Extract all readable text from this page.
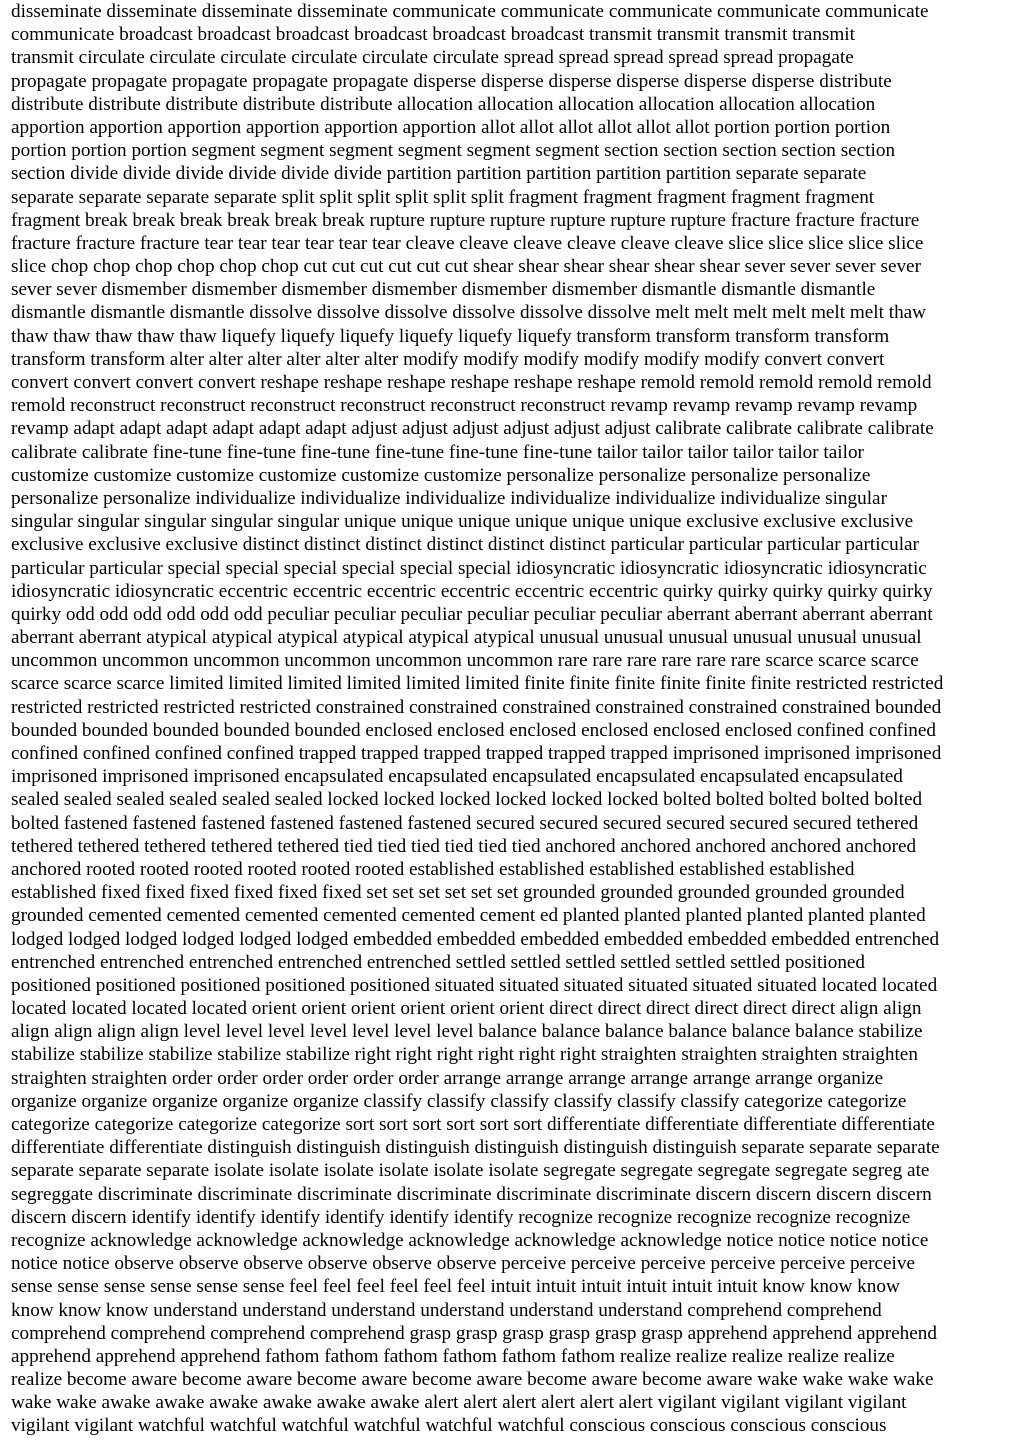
disseminate disseminate disseminate disseminate communicate communicate communicate communicate communicate
communicate broadcast broadcast broadcast broadcast broadcast broadcast transmit transmit transmit transmit
transmit circulate circulate circulate circulate circulate circulate spread spread spread spread spread propagate
propagate propagate propagate propagate propagate disperse disperse disperse disperse disperse disperse distribute
distribute distribute distribute distribute distribute allocation allocation allocation allocation allocation allocation
apportion apportion apportion apportion apportion apportion allot allot allot allot allot allot portion portion portion
portion portion portion segment segment segment segment segment segment section section section section section
section divide divide divide divide divide divide partition partition partition partition partition separate separate
separate separate separate separate split split split split split split fragment fragment fragment fragment fragment
fragment break break break break break break rupture rupture rupture rupture rupture rupture fracture fracture fracture
fracture fracture fracture tear tear tear tear tear tear cleave cleave cleave cleave cleave cleave slice slice slice slice slice
slice chop chop chop chop chop chop cut cut cut cut cut cut shear shear shear shear shear shear sever sever sever sever
sever sever dismember dismember dismember dismember dismember dismember dismantle dismantle dismantle
dismantle dismantle dismantle dissolve dissolve dissolve dissolve dissolve dissolve melt melt melt melt melt melt thaw
thaw thaw thaw thaw thaw liquefy liquefy liquefy liquefy liquefy liquefy transform transform transform transform
transform transform alter alter alter alter alter alter modify modify modify modify modify modify convert convert
convert convert convert convert reshape reshape reshape reshape reshape reshape remold remold remold remold remold
remold reconstruct reconstruct reconstruct reconstruct reconstruct reconstruct revamp revamp revamp revamp revamp
revamp adapt adapt adapt adapt adapt adapt adjust adjust adjust adjust adjust adjust calibrate calibrate calibrate calibrate
calibrate calibrate fine-tune fine-tune fine-tune fine-tune fine-tune fine-tune tailor tailor tailor tailor tailor tailor
customize customize customize customize customize customize personalize personalize personalize personalize
personalize personalize individualize individualize individualize individualize individualize individualize singular
singular singular singular singular singular unique unique unique unique unique unique exclusive exclusive exclusive
exclusive exclusive exclusive distinct distinct distinct distinct distinct distinct particular particular particular particular
particular particular special special special special special special idiosyncratic idiosyncratic idiosyncratic idiosyncratic
idiosyncratic idiosyncratic eccentric eccentric eccentric eccentric eccentric eccentric quirky quirky quirky quirky quirky
quirky odd odd odd odd odd odd peculiar peculiar peculiar peculiar peculiar peculiar aberrant aberrant aberrant aberrant
aberrant aberrant atypical atypical atypical atypical atypical atypical unusual unusual unusual unusual unusual unusual
uncommon uncommon uncommon uncommon uncommon uncommon rare rare rare rare rare rare scarce scarce scarce
scarce scarce scarce limited limited limited limited limited limited finite finite finite finite finite finite restricted restricted
restricted restricted restricted restricted constrained constrained constrained constrained constrained constrained bounded
bounded bounded bounded bounded bounded enclosed enclosed enclosed enclosed enclosed enclosed confined confined
confined confined confined confined trapped trapped trapped trapped trapped trapped imprisoned imprisoned imprisoned
imprisoned imprisoned imprisoned encapsulated encapsulated encapsulated encapsulated encapsulated encapsulated
sealed sealed sealed sealed sealed sealed locked locked locked locked locked locked bolted bolted bolted bolted bolted
bolted fastened fastened fastened fastened fastened fastened secured secured secured secured secured secured tethered
tethered tethered tethered tethered tethered tied tied tied tied tied tied anchored anchored anchored anchored anchored
anchored rooted rooted rooted rooted rooted rooted established established established established established
established fixed fixed fixed fixed fixed fixed set set set set set set grounded grounded grounded grounded grounded
grounded cemented cemented cemented cemented cemented cement ed planted planted planted planted planted planted
lodged lodged lodged lodged lodged lodged embedded embedded embedded embedded embedded embedded entrenched
entrenched entrenched entrenched entrenched entrenched settled settled settled settled settled settled positioned
positioned positioned positioned positioned positioned situated situated situated situated situated situated located located
located located located located orient orient orient orient orient orient direct direct direct direct direct direct align align
align align align align level level level level level level level balance balance balance balance balance balance stabilize
stabilize stabilize stabilize stabilize stabilize right right right right right right straighten straighten straighten straighten
straighten straighten order order order order order order arrange arrange arrange arrange arrange arrange organize
organize organize organize organize organize classify classify classify classify classify classify categorize categorize
categorize categorize categorize categorize sort sort sort sort sort sort differentiate differentiate differentiate differentiate
differentiate differentiate distinguish distinguish distinguish distinguish distinguish distinguish separate separate separate
separate separate separate isolate isolate isolate isolate isolate isolate segregate segregate segregate segregate segreg ate
segreggate discriminate discriminate discriminate discriminate discriminate discriminate discern discern discern discern
discern discern identify identify identify identify identify identify recognize recognize recognize recognize recognize
recognize acknowledge acknowledge acknowledge acknowledge acknowledge acknowledge notice notice notice notice
notice notice observe observe observe observe observe observe perceive perceive perceive perceive perceive perceive
sense sense sense sense sense sense feel feel feel feel feel feel intuit intuit intuit intuit intuit intuit know know know
know know know understand understand understand understand understand understand comprehend comprehend
comprehend comprehend comprehend comprehend grasp grasp grasp grasp grasp grasp apprehend apprehend apprehend
apprehend apprehend apprehend fathom fathom fathom fathom fathom fathom realize realize realize realize realize
realize become aware become aware become aware become aware become aware become aware wake wake wake wake
wake wake awake awake awake awake awake awake alert alert alert alert alert alert vigilant vigilant vigilant vigilant
vigilant vigilant watchful watchful watchful watchful watchful watchful conscious conscious conscious conscious
